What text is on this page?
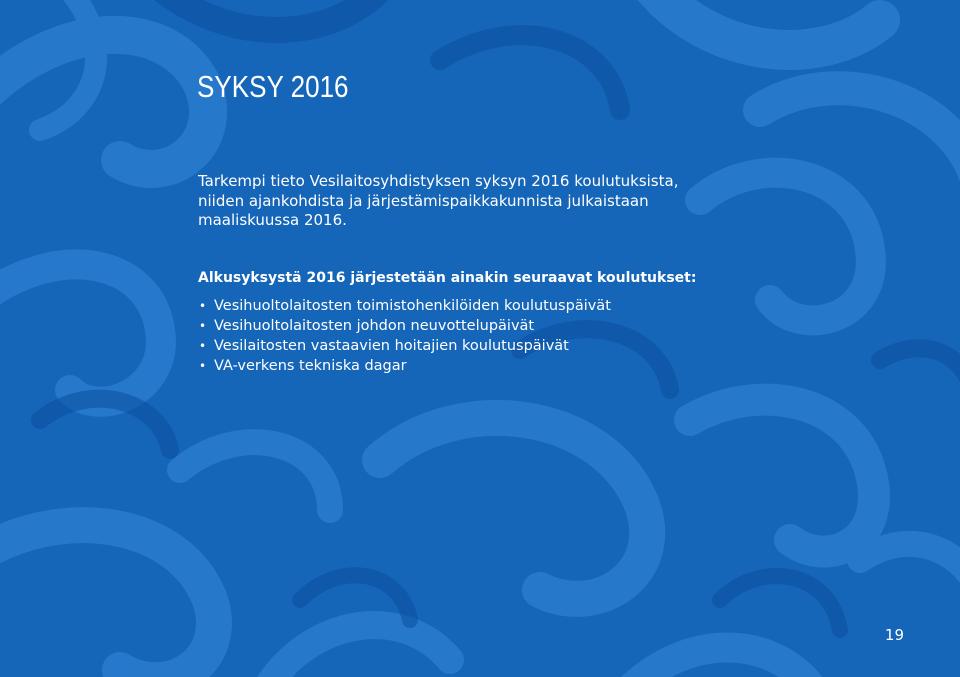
SYKSY 2016

Tarkempi tieto Vesilaitosyhdistyksen syksyn 2016 koulutuksista,
niiden ajankohdista ja järjestämispaikkakunnista julkaistaan
maaliskuussa 2016.

Alkusyksystä 2016 järjestetään ainakin seuraavat koulutukset:

• Vesihuoltolaitosten toimistohenkilöiden koulutuspäivät
• Vesihuoltolaitosten johdon neuvottelupäivät
• Vesilaitosten vastaavien hoitajien koulutuspäivät
• VA-verkens tekniska dagar
19
